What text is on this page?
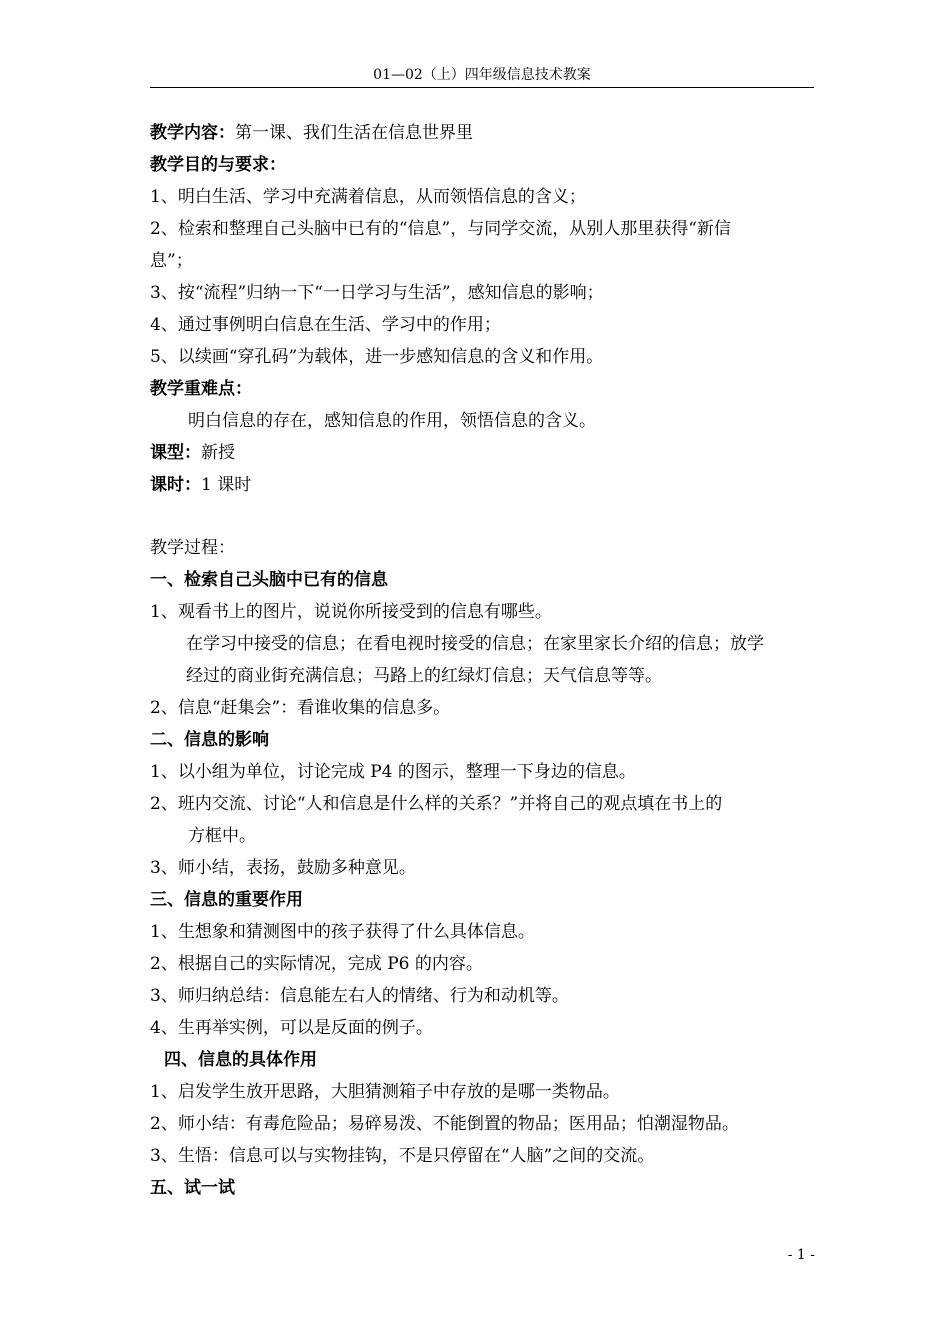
01—02（上）四年级信息技术教案
教学内容：第一课、我们生活在信息世界里
教学目的与要求：
1、明白生活、学习中充满着信息，从而领悟信息的含义；
2、检索和整理自己头脑中已有的“信息”，与同学交流，从别人那里获得“新信
息”；
3、按“流程”归纳一下“一日学习与生活”，感知信息的影响；
4、通过事例明白信息在生活、学习中的作用；
5、以续画“穿孔码”为载体，进一步感知信息的含义和作用。
教学重难点：
明白信息的存在，感知信息的作用，领悟信息的含义。
课型：新授
课时：1 课时
教学过程：
一、检索自己头脑中已有的信息
1、观看书上的图片，说说你所接受到的信息有哪些。
在学习中接受的信息；在看电视时接受的信息；在家里家长介绍的信息；放学
经过的商业街充满信息；马路上的红绿灯信息；天气信息等等。
2、信息“赶集会”：看谁收集的信息多。
二、信息的影响
1、以小组为单位，讨论完成 P4 的图示，整理一下身边的信息。
2、班内交流、讨论“人和信息是什么样的关系？”并将自己的观点填在书上的
方框中。
3、师小结，表扬，鼓励多种意见。
三、信息的重要作用
1、生想象和猜测图中的孩子获得了什么具体信息。
2、根据自己的实际情况，完成 P6 的内容。
3、师归纳总结：信息能左右人的情绪、行为和动机等。
4、生再举实例，可以是反面的例子。
四、信息的具体作用
1、启发学生放开思路，大胆猜测箱子中存放的是哪一类物品。
2、师小结：有毒危险品；易碎易泼、不能倒置的物品；医用品；怕潮湿物品。
3、生悟：信息可以与实物挂钩，不是只停留在“人脑”之间的交流。
五、试一试
- 1 -
